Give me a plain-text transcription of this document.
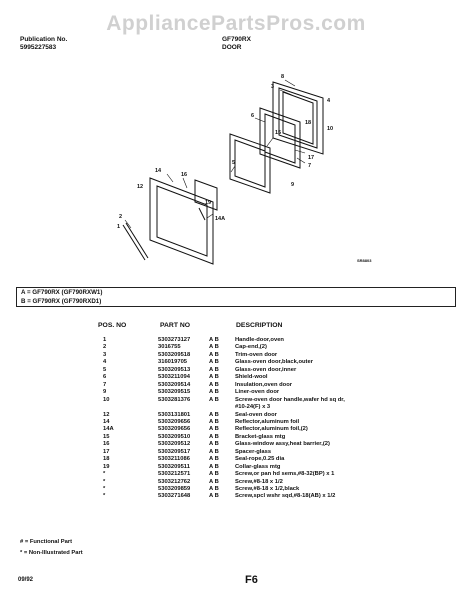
AppliancePartsPros.com
Publication No.
5995227583
GF790RX
DOOR
8
10
3
17
4
7
6
15
18
9
5
14
16
12
19
2
1
14A
SR8803
A = GF790RX (GF790RXW1)
B = GF790RX (GF790RXD1)
POS. NO	PART NO	DESCRIPTION
1	5303273127	A B	Handle-door,oven
2	3016755	A B	Cap-end,(2)
3	5303209518	A B	Trim-oven door
4	316019705	A B	Glass-oven door,black,outer
5	5303209513	A B	Glass-oven door,inner
6	5303211094	A B	Shield-wool
7	5303209514	A B	Insulation,oven door
9	5303209515	A B	Liner-oven door
10	5303281376	A B	Screw-oven door handle,wafer hd sq dr,
#10-24(F) x 3
12	5303131801	A B	Seal-oven door
14	5303209656	A B	Reflector,aluminum foil
14A	5303209656	A B	Reflector,aluminum foil,(2)
15	5303209510	A B	Bracket-glass mtg
16	5303209512	A B	Glass-window assy,heat barrier,(2)
17	5303209517	A B	Spacer-glass
18	5303211086	A B	Seal-rope,0.25 dia
19	5303209511	A B	Collar-glass mtg
*	5303212571	A B	Screw,or pan hd sems,#8-32(BP) x 1
*	5303212762	A B	Screw,#8-18 x 1/2
*	5303209859	A B	Screw,#8-18 x 1/2,black
*	5303271648	A B	Screw,spcl wshr sqd,#8-18(AB) x 1/2
# = Functional Part
* = Non-Illustrated Part
09/92	F6
